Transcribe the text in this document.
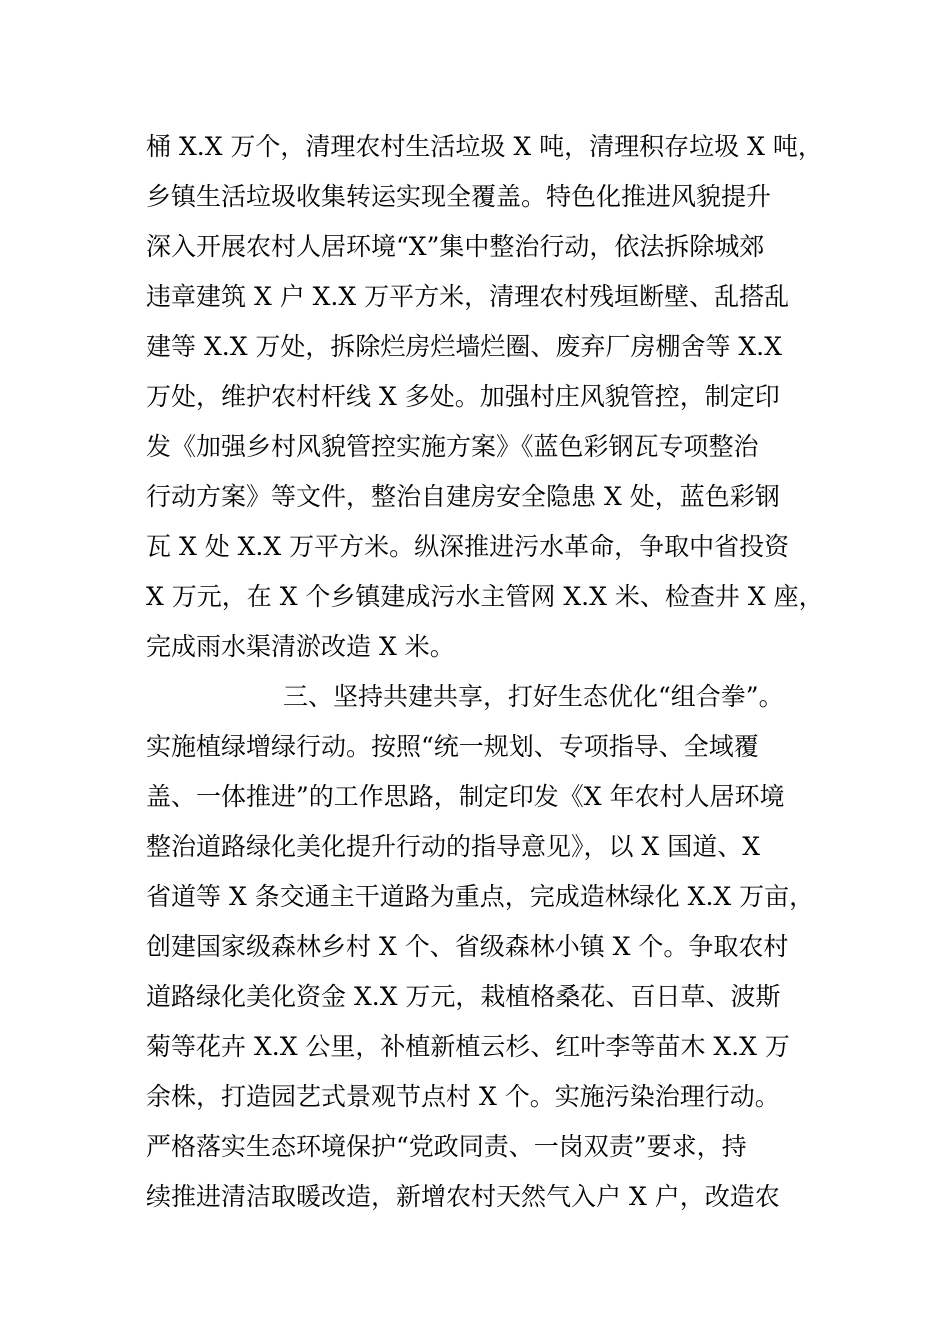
桶 X.X 万个，清理农村生活垃圾 X 吨，清理积存垃圾 X 吨，
乡镇生活垃圾收集转运实现全覆盖。特色化推进风貌提升
深入开展农村人居环境“X”集中整治行动，依法拆除城郊
违章建筑 X 户 X.X 万平方米，清理农村残垣断壁、乱搭乱
建等 X.X 万处，拆除烂房烂墙烂圈、废弃厂房棚舍等 X.X
万处，维护农村杆线 X 多处。加强村庄风貌管控，制定印
发《加强乡村风貌管控实施方案》《蓝色彩钢瓦专项整治
行动方案》等文件，整治自建房安全隐患 X 处，蓝色彩钢
瓦 X 处 X.X 万平方米。纵深推进污水革命，争取中省投资
X 万元，在 X 个乡镇建成污水主管网 X.X 米、检查井 X 座，
完成雨水渠清淤改造 X 米。
三、坚持共建共享，打好生态优化“组合拳”。
实施植绿增绿行动。按照“统一规划、专项指导、全域覆
盖、一体推进”的工作思路，制定印发《X 年农村人居环境
整治道路绿化美化提升行动的指导意见》，以 X 国道、X
省道等 X 条交通主干道路为重点，完成造林绿化 X.X 万亩，
创建国家级森林乡村 X 个、省级森林小镇 X 个。争取农村
道路绿化美化资金 X.X 万元，栽植格桑花、百日草、波斯
菊等花卉 X.X 公里，补植新植云杉、红叶李等苗木 X.X 万
余株，打造园艺式景观节点村 X 个。实施污染治理行动。
严格落实生态环境保护“党政同责、一岗双责”要求，持
续推进清洁取暖改造，新增农村天然气入户 X 户，改造农
